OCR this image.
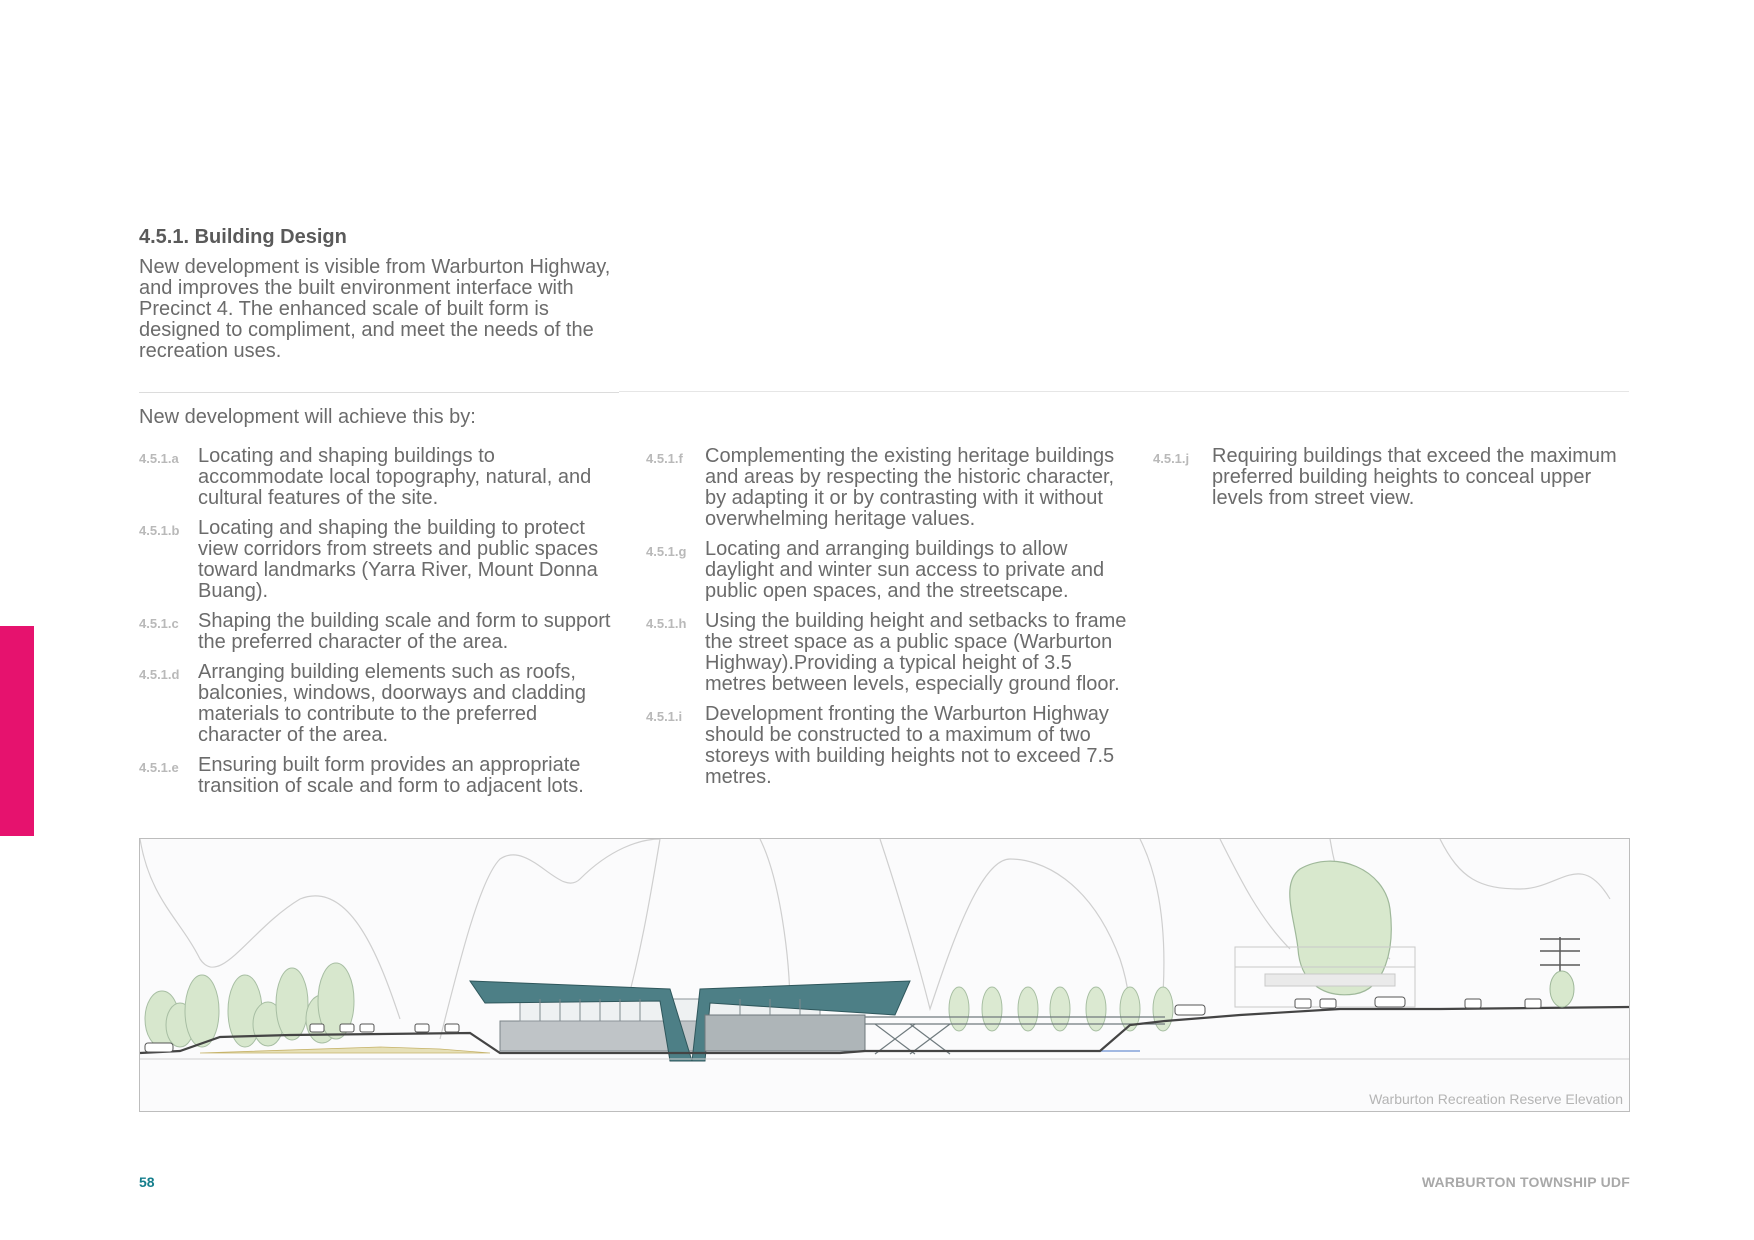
4.5.1. Building Design

New development is visible from Warburton Highway, and improves the built environment interface with Precinct 4. The enhanced scale of built form is designed to compliment, and meet the needs of the recreation uses.

New development will achieve this by:

4.5.1.a Locating and shaping buildings to accommodate local topography, natural, and cultural features of the site.
4.5.1.b Locating and shaping the building to protect view corridors from streets and public spaces toward landmarks (Yarra River, Mount Donna Buang).
4.5.1.c Shaping the building scale and form to support the preferred character of the area.
4.5.1.d Arranging building elements such as roofs, balconies, windows, doorways and cladding materials to contribute to the preferred character of the area.
4.5.1.e Ensuring built form provides an appropriate transition of scale and form to adjacent lots.
4.5.1.f	Complementing the existing heritage buildings and areas by respecting the historic character, by adapting it or by contrasting with it without overwhelming heritage values.
4.5.1.g Locating and arranging buildings to allow daylight and winter sun access to private and public open spaces, and the streetscape.
4.5.1.h Using the building height and setbacks to frame the street space as a public space (Warburton Highway).Providing a typical height of 3.5 metres between levels, especially ground floor.
4.5.1.i	Development fronting the Warburton Highway should be constructed to a maximum of two storeys with building heights not to exceed 7.5 metres.
4.5.1.j	Requiring buildings that exceed the maximum preferred building heights to conceal upper levels from street view.
Warburton Recreation Reserve Elevation
58	WARBURTON TOWNSHIP UDF
